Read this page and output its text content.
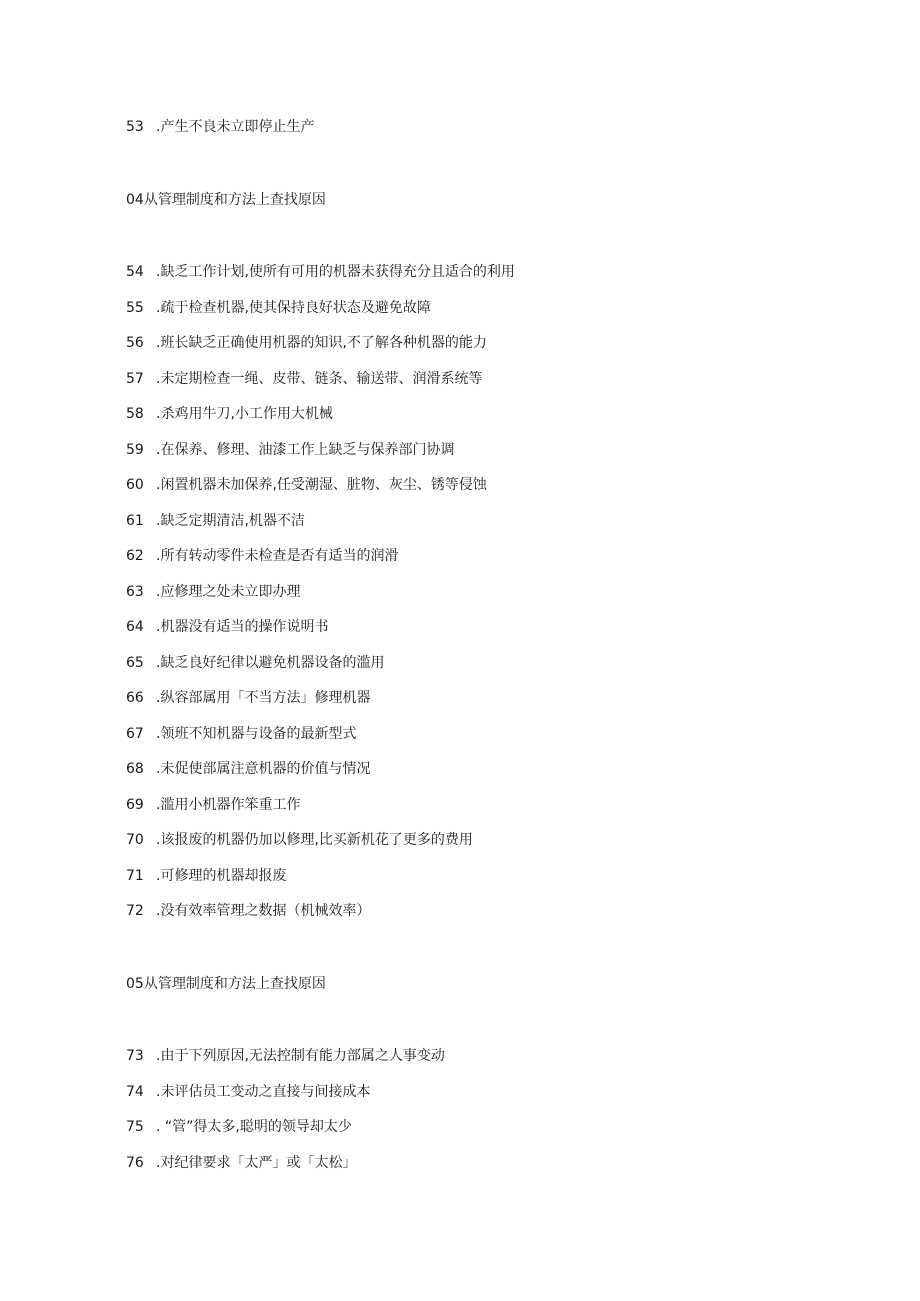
53 .产生不良未立即停止生产
04从管理制度和方法上查找原因
54 .缺乏工作计划,使所有可用的机器未获得充分且适合的利用
55 .疏于检查机器,使其保持良好状态及避免故障
56 .班长缺乏正确使用机器的知识,不了解各种机器的能力
57 .未定期检查一绳、皮带、链条、输送带、润滑系统等
58 .杀鸡用牛刀,小工作用大机械
59 .在保养、修理、油漆工作上缺乏与保养部门协调
60 .闲置机器未加保养,任受潮湿、脏物、灰尘、锈等侵蚀
61 .缺乏定期清洁,机器不洁
62 .所有转动零件未检查是否有适当的润滑
63 .应修理之处未立即办理
64 .机器没有适当的操作说明书
65 .缺乏良好纪律以避免机器设备的滥用
66 .纵容部属用「不当方法」修理机器
67 .领班不知机器与设备的最新型式
68 .未促使部属注意机器的价值与情况
69 .滥用小机器作笨重工作
70 .该报废的机器仍加以修理,比买新机花了更多的费用
71 .可修理的机器却报废
72 .没有效率管理之数据（机械效率）
05从管理制度和方法上查找原因
73 .由于下列原因,无法控制有能力部属之人事变动
74 .未评估员工变动之直接与间接成本
75 . “管”得太多,聪明的领导却太少
76 .对纪律要求「太严」或「太松」
